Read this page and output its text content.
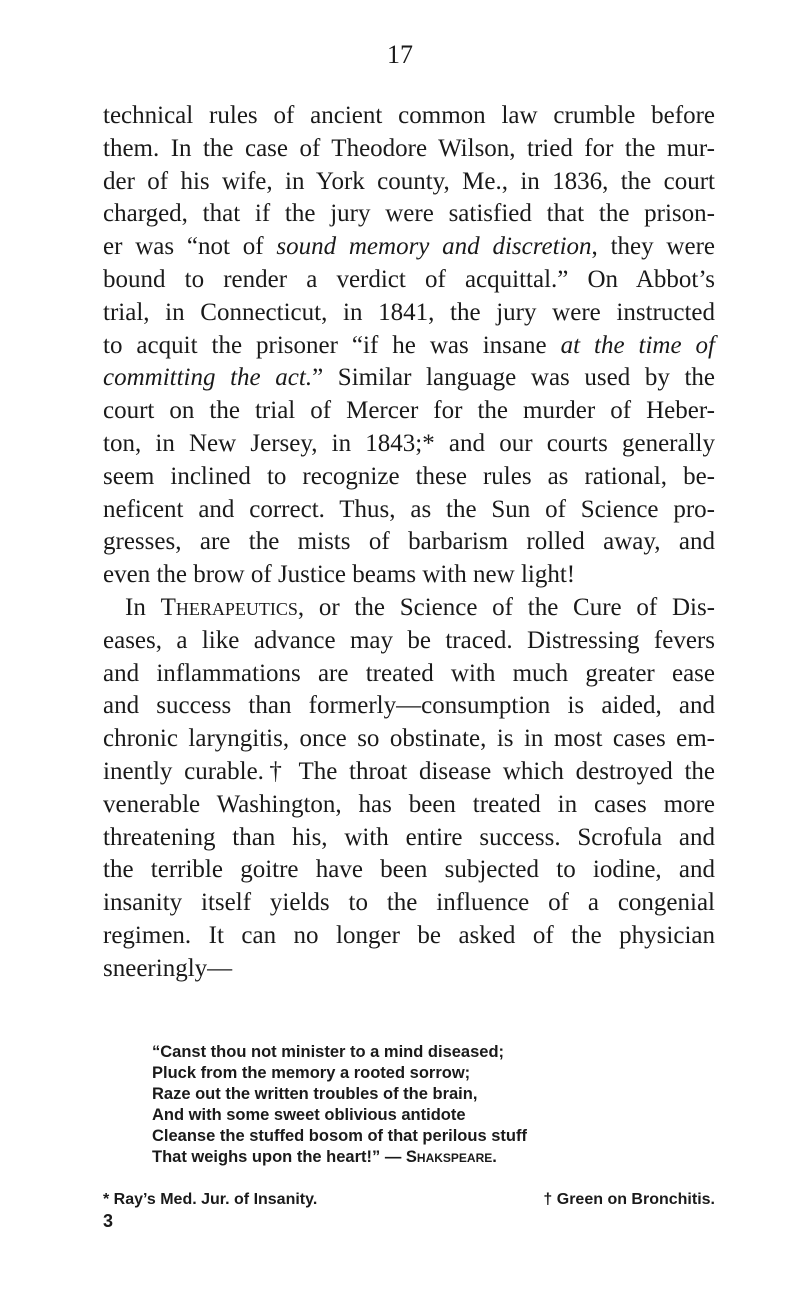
17
technical rules of ancient common law crumble before
them. In the case of Theodore Wilson, tried for the mur-
der of his wife, in York county, Me., in 1836, the court
charged, that if the jury were satisfied that the prison-
er was “not of sound memory and discretion, they were
bound to render a verdict of acquittal.” On Abbot’s
trial, in Connecticut, in 1841, the jury were instructed
to acquit the prisoner “if he was insane at the time of
committing the act.” Similar language was used by the
court on the trial of Mercer for the murder of Heber-
ton, in New Jersey, in 1843;* and our courts generally
seem inclined to recognize these rules as rational, be-
neficent and correct. Thus, as the Sun of Science pro-
gresses, are the mists of barbarism rolled away, and
even the brow of Justice beams with new light!
In Therapeutics, or the Science of the Cure of Dis-
eases, a like advance may be traced. Distressing fevers
and inflammations are treated with much greater ease
and success than formerly—consumption is aided, and
chronic laryngitis, once so obstinate, is in most cases em-
inently curable.† The throat disease which destroyed the
venerable Washington, has been treated in cases more
threatening than his, with entire success. Scrofula and
the terrible goitre have been subjected to iodine, and
insanity itself yields to the influence of a congenial
regimen. It can no longer be asked of the physician
sneeringly—
“Canst thou not minister to a mind diseased;
Pluck from the memory a rooted sorrow;
Raze out the written troubles of the brain,
And with some sweet oblivious antidote
Cleanse the stuffed bosom of that perilous stuff
That weighs upon the heart!” — Shakspeare.
* Ray’s Med. Jur. of Insanity.	† Green on Bronchitis.
3
